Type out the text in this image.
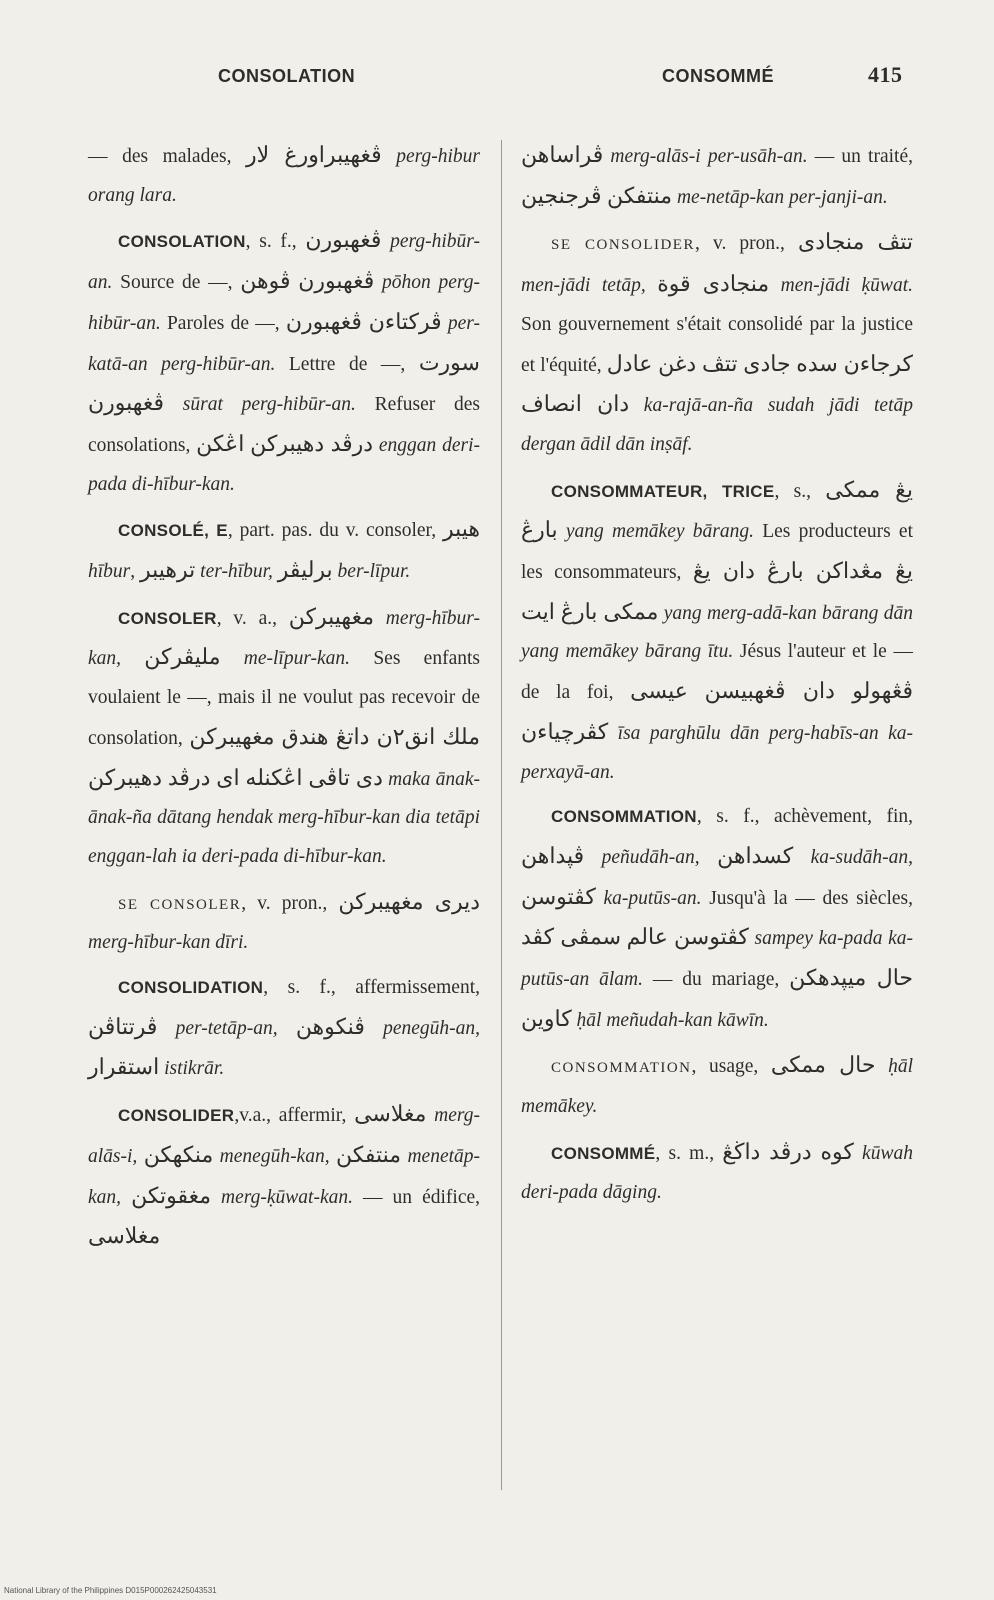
CONSOLATION	CONSOMMÉ	415

— des malades, ڤغهيبراورغ لار perg-hibur orang lara.

CONSOLATION, s. f., ڤغهبورن perg-hibūr-an. Source de —, ڤوهن ڤغهبورن pōhon perg-hibūr-an. Paroles de —, ڤركتاءن ڤغهبورن per-katā-an perg-hibūr-an. Lettre de —, سورت ڤغهبورن sūrat perg-hibūr-an. Refuser des consolations, اڠكن درڤد دهيبركن enggan deri-pada di-hībur-kan.

CONSOLÉ, E, part. pas. du v. consoler, هيبر hībur, ترهيبر ter-hībur, برليڤر ber-līpur.

CONSOLER, v. a., مغهيبركن merg-hībur-kan, مليڤركن me-līpur-kan. Ses enfants voulaient le —, mais il ne voulut pas recevoir de consolation, ملك انق٢ن داتڠ هندق مغهيبركن دى تاڤى اڠكنله اى درڤد دهيبركن maka ānak-ānak-ña dātang hendak merg-hībur-kan dia tetāpi enggan-lah ia deri-pada di-hībur-kan.

SE CONSOLER, v. pron., مغهيبركن ديرى merg-hībur-kan dīri.

CONSOLIDATION, s. f., affermissement, ڤرتتاڤن per-tetāp-an, ڤنكوهن penegūh-an, استقرار istikrār.

CONSOLIDER,v.a., affermir, مغلاسى merg-alās-i, منكهكن menegūh-kan, منتفكن menetāp-kan, مغقوتكن merg-ḳūwat-kan. — un édifice, مغلاسى

ڤراساهن merg-alās-i per-usāh-an. — un traité, منتفكن ڤرجنجين me-netāp-kan per-janji-an.

SE CONSOLIDER, v. pron., منجادى تتڤ men-jādi tetāp, منجادى قوة men-jādi ḳūwat. Son gouvernement s'était consolidé par la justice et l'équité, كرجاءن سده جادى تتڤ دغن عادل دان انصاف ka-rajā-an-ña sudah jādi tetāp dergan ādil dān inṣāf.

CONSOMMATEUR, TRICE, s., يڠ ممكى بارڠ yang memākey bārang. Les producteurs et les consommateurs, يڠ مڠداكن بارڠ دان يڠ ممكى بارڠ ايت yang merg-adā-kan bārang dān yang memākey bārang ītu. Jésus l'auteur et le — de la foi, عيسى ڤڠهولو دان ڤغهبيسن كڤرچياءن īsa parghūlu dān perg-habīs-an ka-perxayā-an.

CONSOMMATION, s. f., achèvement, fin, ڤڽداهن peñudāh-an, كسداهن ka-sudāh-an, كڤتوسن ka-putūs-an. Jusqu'à la — des siècles, سمڤى كڤد كڤتوسن عالم sampey ka-pada ka-putūs-an ālam. — du mariage, حال ميڽدهكن كاوين ḥāl meñudah-kan kāwīn.

CONSOMMATION, usage, حال ممكى ḥāl memākey.

CONSOMMÉ, s. m., كوه درڤد داڬڠ kūwah deri-pada dāging.

National Library of the Philippines D015P000262425043531
